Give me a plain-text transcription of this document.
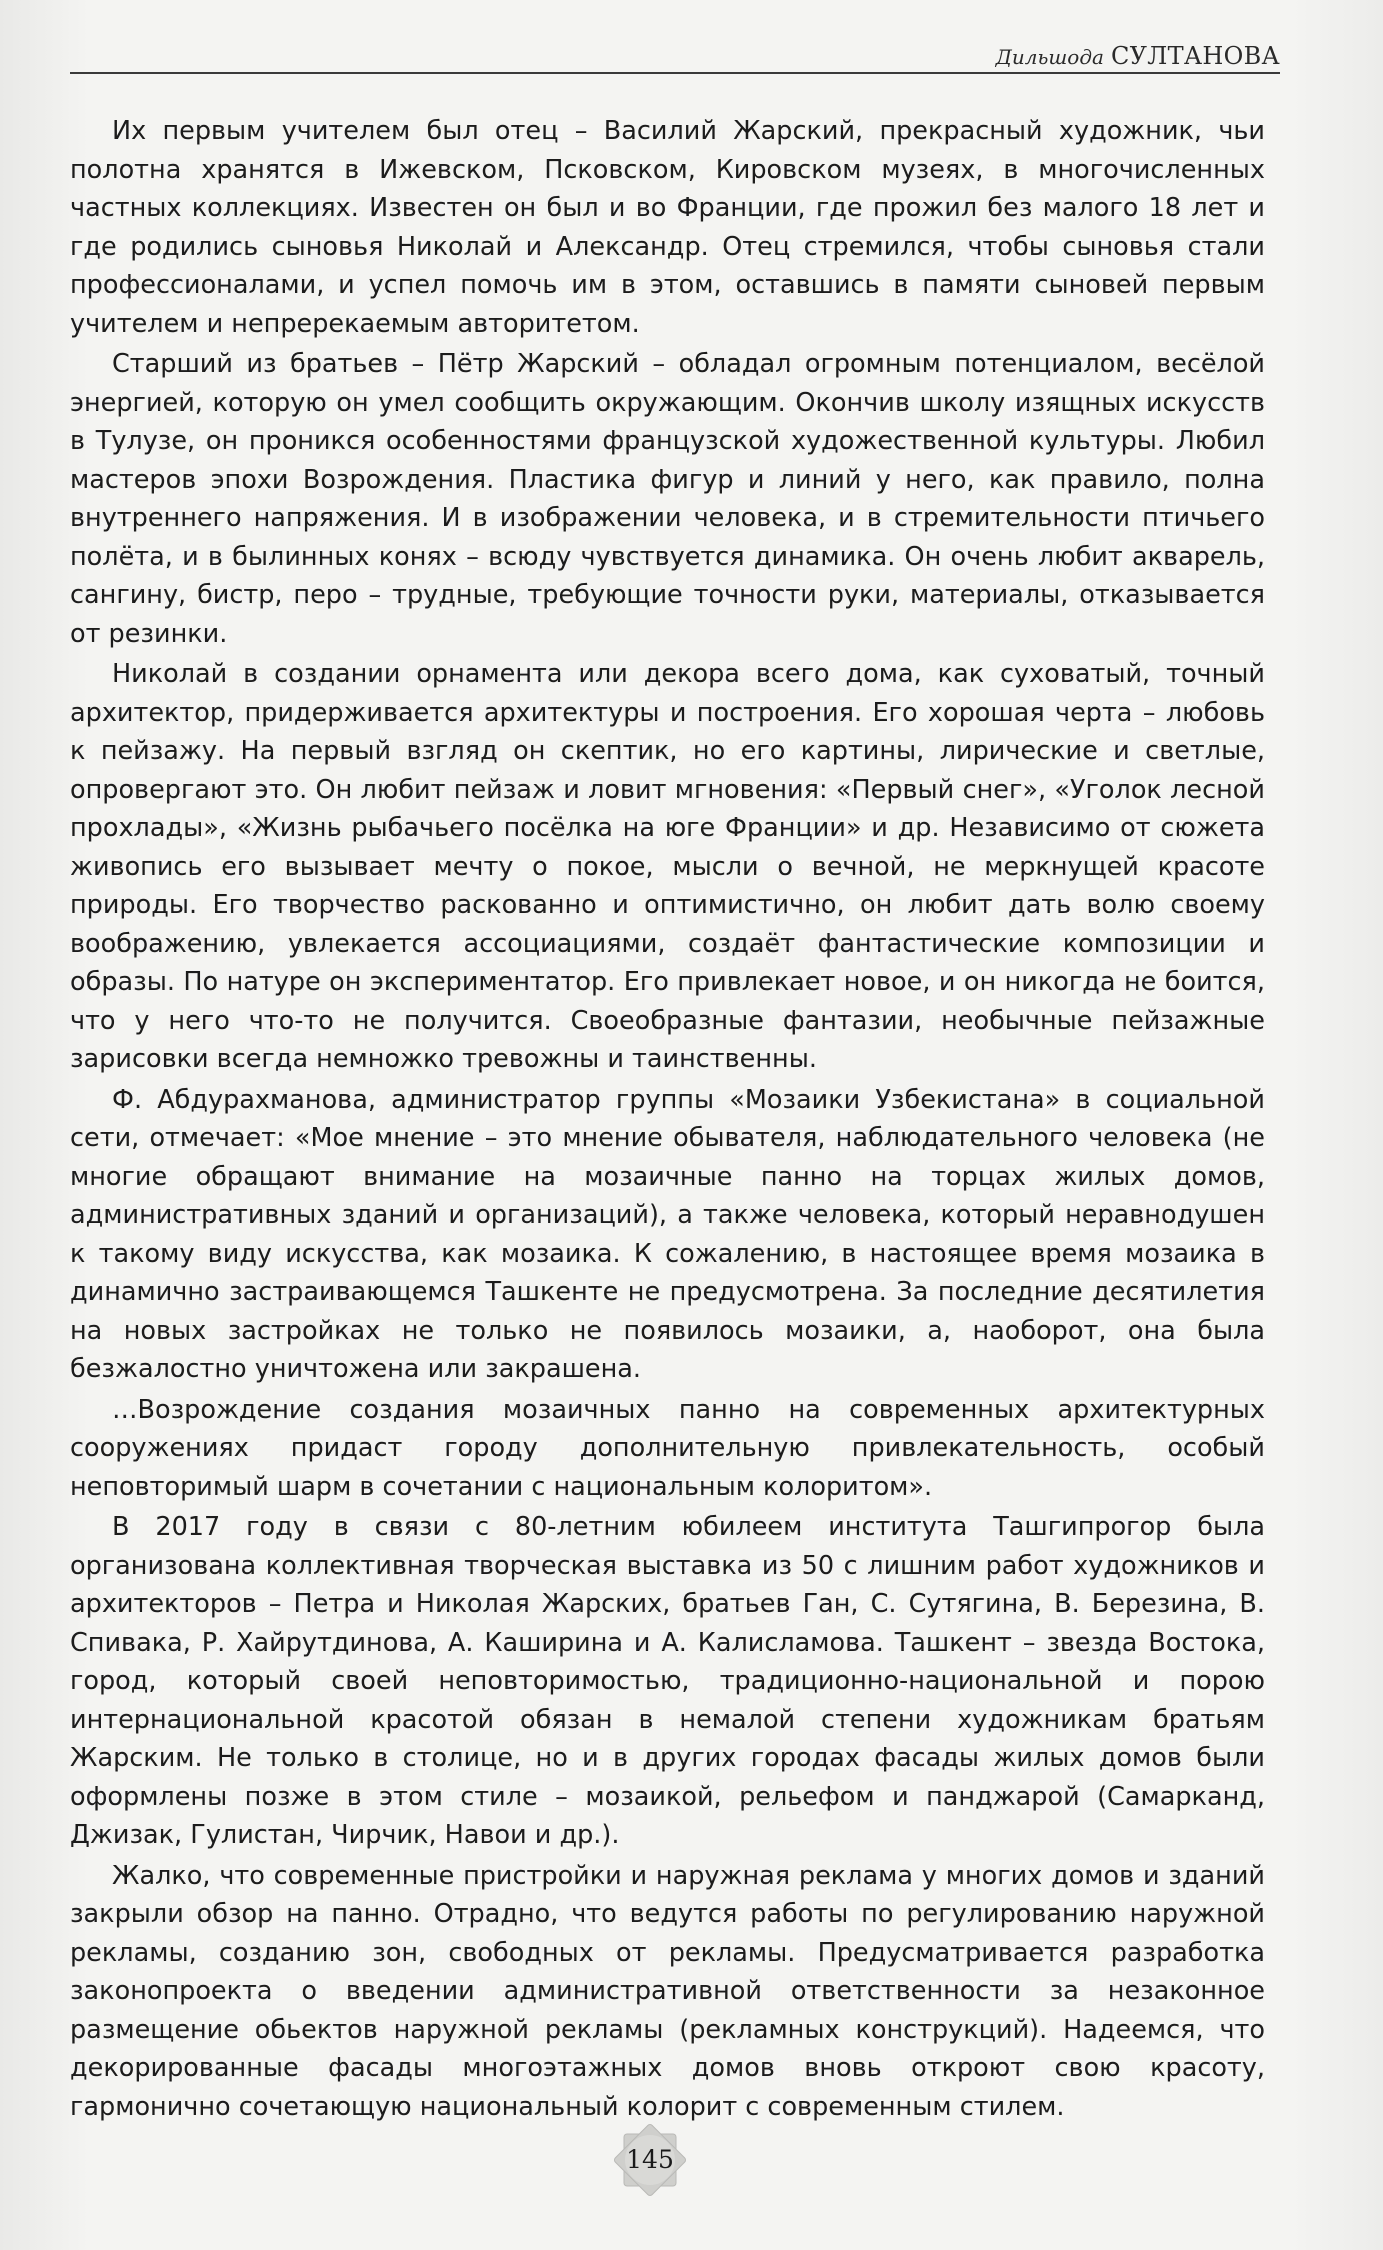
Дильшода СУЛТАНОВА

Их первым учителем был отец – Василий Жарский, прекрасный художник, чьи полотна хранятся в Ижевском, Псковском, Кировском музеях, в многочисленных частных коллекциях. Известен он был и во Франции, где прожил без малого 18 лет и где родились сыновья Николай и Александр. Отец стремился, чтобы сыновья стали профессионалами, и успел помочь им в этом, оставшись в памяти сыновей первым учителем и непререкаемым авторитетом.

Старший из братьев – Пётр Жарский – обладал огромным потенциалом, весёлой энергией, которую он умел сообщить окружающим. Окончив школу изящных искусств в Тулузе, он проникся особенностями французской художественной культуры. Любил мастеров эпохи Возрождения. Пластика фигур и линий у него, как правило, полна внутреннего напряжения. И в изображении человека, и в стремительности птичьего полёта, и в былинных конях – всюду чувствуется динамика. Он очень любит акварель, сангину, бистр, перо – трудные, требующие точности руки, материалы, отказывается от резинки.

Николай в создании орнамента или декора всего дома, как суховатый, точный архитектор, придерживается архитектуры и построения. Его хорошая черта – любовь к пейзажу. На первый взгляд он скептик, но его картины, лирические и светлые, опровергают это. Он любит пейзаж и ловит мгновения: «Первый снег», «Уголок лесной прохлады», «Жизнь рыбачьего посёлка на юге Франции» и др. Независимо от сюжета живопись его вызывает мечту о покое, мысли о вечной, не меркнущей красоте природы. Его творчество раскованно и оптимистично, он любит дать волю своему воображению, увлекается ассоциациями, создаёт фантастические композиции и образы. По натуре он экспериментатор. Его привлекает новое, и он никогда не боится, что у него что-то не получится. Своеобразные фантазии, необычные пейзажные зарисовки всегда немножко тревожны и таинственны.

Ф. Абдурахманова, администратор группы «Мозаики Узбекистана» в социальной сети, отмечает: «Мое мнение – это мнение обывателя, наблюдательного человека (не многие обращают внимание на мозаичные панно на торцах жилых домов, административных зданий и организаций), а также человека, который неравнодушен к такому виду искусства, как мозаика. К сожалению, в настоящее время мозаика в динамично застраивающемся Ташкенте не предусмотрена. За последние десятилетия на новых застройках не только не появилось мозаики, а, наоборот, она была безжалостно уничтожена или закрашена.

…Возрождение создания мозаичных панно на современных архитектурных сооружениях придаст городу дополнительную привлекательность, особый неповторимый шарм в сочетании с национальным колоритом».

В 2017 году в связи с 80-летним юбилеем института Ташгипрогор была организована коллективная творческая выставка из 50 с лишним работ художников и архитекторов – Петра и Николая Жарских, братьев Ган, С. Сутягина, В. Березина, В. Спивака, Р. Хайрутдинова, А. Каширина и А. Калисламова. Ташкент – звезда Востока, город, который своей неповторимостью, традиционно-национальной и порою интернациональной красотой обязан в немалой степени художникам братьям Жарским. Не только в столице, но и в других городах фасады жилых домов были оформлены позже в этом стиле – мозаикой, рельефом и панджарой (Самарканд, Джизак, Гулистан, Чирчик, Навои и др.).

Жалко, что современные пристройки и наружная реклама у многих домов и зданий закрыли обзор на панно. Отрадно, что ведутся работы по регулированию наружной рекламы, созданию зон, свободных от рекламы. Предусматривается разработка законопроекта о введении административной ответственности за незаконное размещение обьектов наружной рекламы (рекламных конструкций). Надеемся, что декорированные фасады многоэтажных домов вновь откроют свою красоту, гармонично сочетающую национальный колорит с современным стилем.

145
